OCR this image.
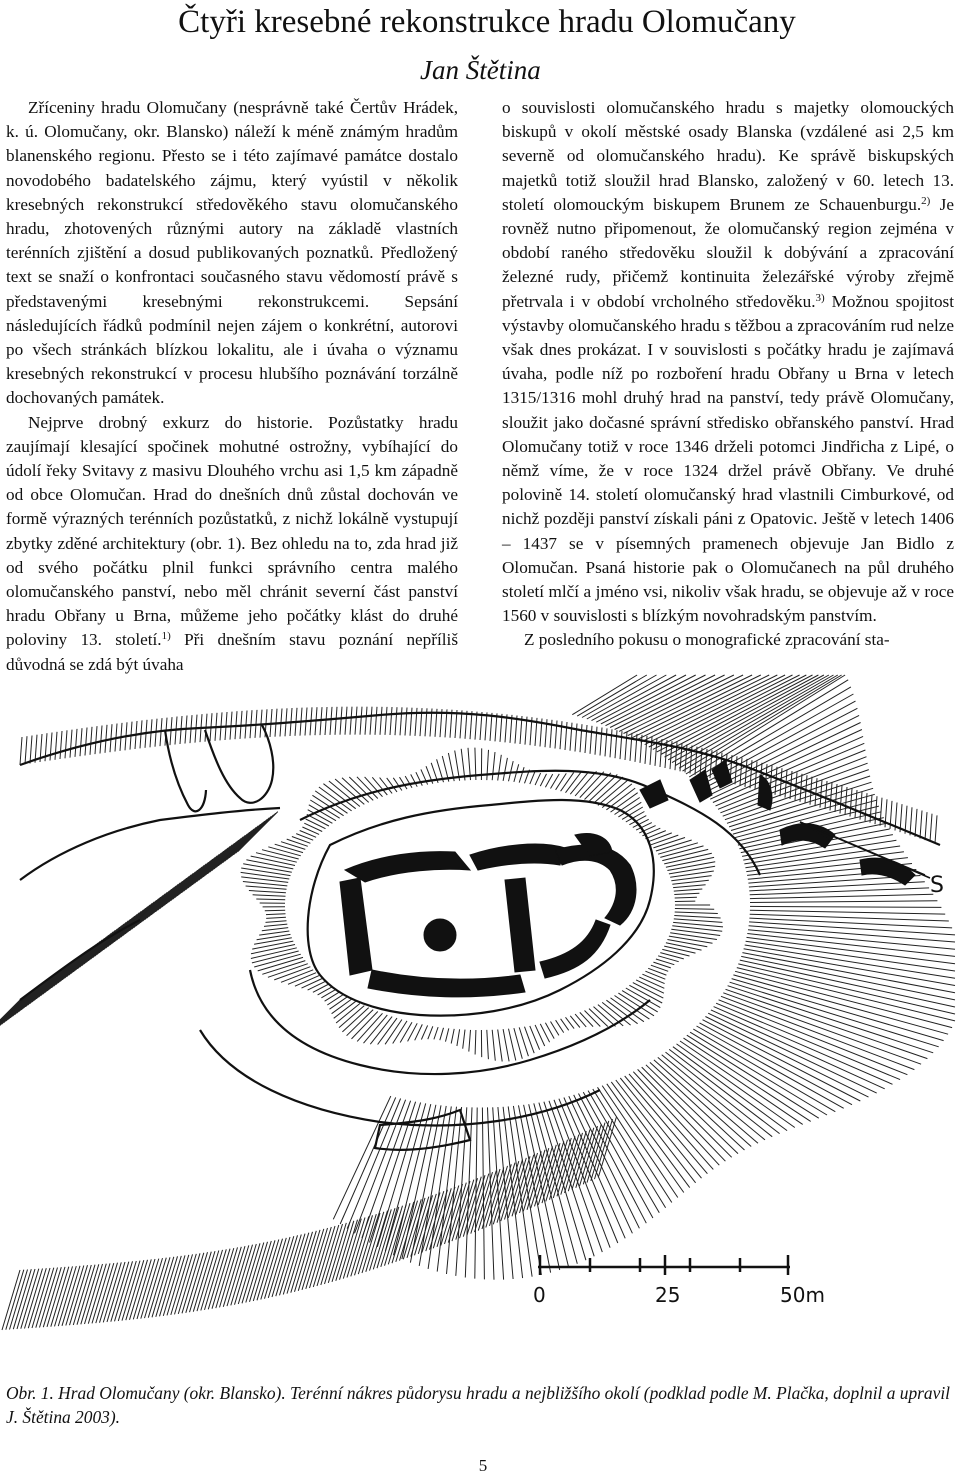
Čtyři kresebné rekonstrukce hradu Olomučany
Jan Štětina

Zříceniny hradu Olomučany (nesprávně také Čertův Hrádek, k. ú. Olomučany, okr. Blansko) náleží k méně známým hradům blanenského regionu. Přesto se i této zajímavé památce dostalo novodobého badatelského zájmu, který vyústil v několik kresebných rekonstrukcí středověkého stavu olomučanského hradu, zhotovených různými autory na základě vlastních terénních zjištění a dosud publikovaných poznatků. Předložený text se snaží o konfrontaci současného stavu vědomostí právě s představenými kresebnými rekonstrukcemi. Sepsání následujících řádků podmínil nejen zájem o konkrétní, autorovi po všech stránkách blízkou lokalitu, ale i úvaha o významu kresebných rekonstrukcí v procesu hlubšího poznávání torzálně dochovaných památek.

Nejprve drobný exkurz do historie. Pozůstatky hradu zaujímají klesající spočinek mohutné ostrožny, vybíhající do údolí řeky Svitavy z masivu Dlouhého vrchu asi 1,5 km západně od obce Olomučan. Hrad do dnešních dnů zůstal dochován ve formě výrazných terénních pozůstatků, z nichž lokálně vystupují zbytky zděné architektury (obr. 1). Bez ohledu na to, zda hrad již od svého počátku plnil funkci správního centra malého olomučanského panství, nebo měl chránit severní část panství hradu Obřany u Brna, můžeme jeho počátky klást do druhé poloviny 13. století.$^{1)}$ Při dnešním stavu poznání nepříliš důvodná se zdá být úvaha

o souvislosti olomučanského hradu s majetky olomouckých biskupů v okolí městské osady Blanska (vzdálené asi 2,5 km severně od olomučanského hradu). Ke správě biskupských majetků totiž sloužil hrad Blansko, založený v 60. letech 13. století olomouckým biskupem Brunem ze Schauenburgu.$^{2)}$ Je rovněž nutno připomenout, že olomučanský region zejména v období raného středověku sloužil k dobývání a zpracování železné rudy, přičemž kontinuita železářské výroby zřejmě přetrvala i v období vrcholného středověku.$^{3)}$ Možnou spojitost výstavby olomučanského hradu s těžbou a zpracováním rud nelze však dnes prokázat. I v souvislosti s počátky hradu je zajímavá úvaha, podle níž po rozboření hradu Obřany u Brna v letech 1315/1316 mohl druhý hrad na panství, tedy právě Olomučany, sloužit jako dočasné správní středisko obřanského panství. Hrad Olomučany totiž v roce 1346 drželi potomci Jindřicha z Lipé, o němž víme, že v roce 1324 držel právě Obřany. Ve druhé polovině 14. století olomučanský hrad vlastnili Cimburkové, od nichž později panství získali páni z Opatovic. Ještě v letech 1406 – 1437 se v písemných pramenech objevuje Jan Bidlo z Olomučan. Psaná historie pak o Olomučanech na půl druhého století mlčí a jméno vsi, nikoliv však hradu, se objevuje až v roce 1560 v souvislosti s blízkým novohradským panstvím.

Z posledního pokusu o monografické zpracování sta-

S
0	25	50m
Obr. 1. Hrad Olomučany (okr. Blansko). Terénní nákres půdorysu hradu a nejbližšího okolí (podklad podle M. Plačka, doplnil a upravil J. Štětina 2003).
5
